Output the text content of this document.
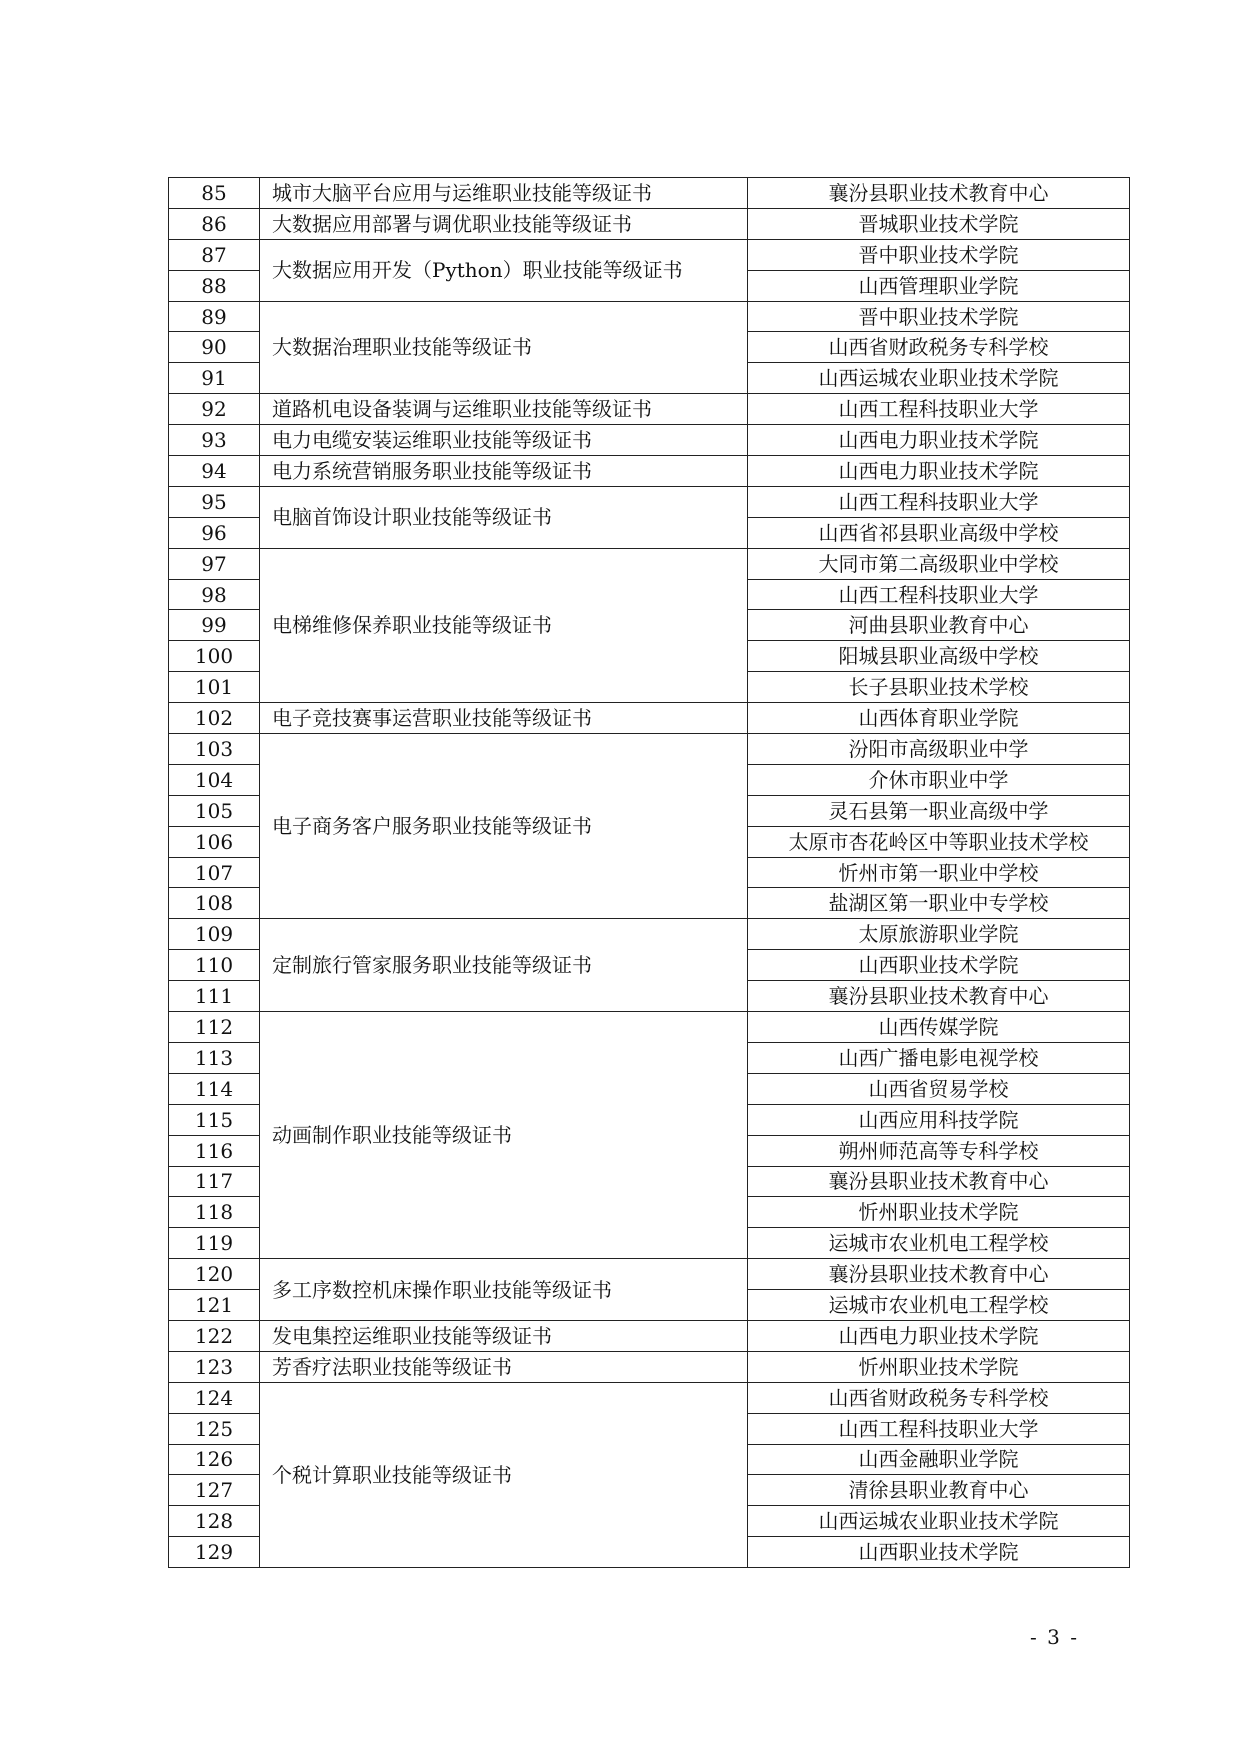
85	城市大脑平台应用与运维职业技能等级证书	襄汾县职业技术教育中心
86	大数据应用部署与调优职业技能等级证书	晋城职业技术学院
87	大数据应用开发（Python）职业技能等级证书	晋中职业技术学院
88		山西管理职业学院
89	大数据治理职业技能等级证书	晋中职业技术学院
90		山西省财政税务专科学校
91		山西运城农业职业技术学院
92	道路机电设备装调与运维职业技能等级证书	山西工程科技职业大学
93	电力电缆安装运维职业技能等级证书	山西电力职业技术学院
94	电力系统营销服务职业技能等级证书	山西电力职业技术学院
95	电脑首饰设计职业技能等级证书	山西工程科技职业大学
96		山西省祁县职业高级中学校
97	电梯维修保养职业技能等级证书	大同市第二高级职业中学校
98		山西工程科技职业大学
99		河曲县职业教育中心
100		阳城县职业高级中学校
101		长子县职业技术学校
102	电子竞技赛事运营职业技能等级证书	山西体育职业学院
103	电子商务客户服务职业技能等级证书	汾阳市高级职业中学
104		介休市职业中学
105		灵石县第一职业高级中学
106		太原市杏花岭区中等职业技术学校
107		忻州市第一职业中学校
108		盐湖区第一职业中专学校
109	定制旅行管家服务职业技能等级证书	太原旅游职业学院
110		山西职业技术学院
111		襄汾县职业技术教育中心
112	动画制作职业技能等级证书	山西传媒学院
113		山西广播电影电视学校
114		山西省贸易学校
115		山西应用科技学院
116		朔州师范高等专科学校
117		襄汾县职业技术教育中心
118		忻州职业技术学院
119		运城市农业机电工程学校
120	多工序数控机床操作职业技能等级证书	襄汾县职业技术教育中心
121		运城市农业机电工程学校
122	发电集控运维职业技能等级证书	山西电力职业技术学院
123	芳香疗法职业技能等级证书	忻州职业技术学院
124	个税计算职业技能等级证书	山西省财政税务专科学校
125		山西工程科技职业大学
126		山西金融职业学院
127		清徐县职业教育中心
128		山西运城农业职业技术学院
129		山西职业技术学院
- 3 -
